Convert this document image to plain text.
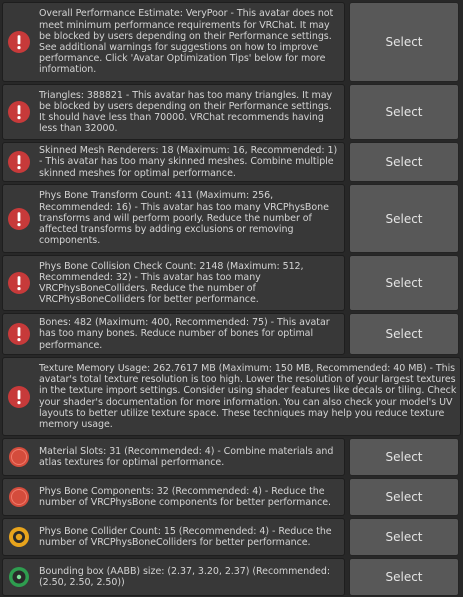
Overall Performance Estimate: VeryPoor - This avatar does not meet minimum performance requirements for VRChat. It may be blocked by users depending on their Performance settings. See additional warnings for suggestions on how to improve performance. Click 'Avatar Optimization Tips' below for more information.
Select
Triangles: 388821 - This avatar has too many triangles. It may be blocked by users depending on their Performance settings. It should have less than 70000. VRChat recommends having less than 32000.
Select
Skinned Mesh Renderers: 18 (Maximum: 16, Recommended: 1) - This avatar has too many skinned meshes. Combine multiple skinned meshes for optimal performance.
Select
Phys Bone Transform Count: 411 (Maximum: 256, Recommended: 16) - This avatar has too many VRCPhysBone transforms and will perform poorly. Reduce the number of affected transforms by adding exclusions or removing components.
Select
Phys Bone Collision Check Count: 2148 (Maximum: 512, Recommended: 32) - This avatar has too many VRCPhysBoneColliders. Reduce the number of VRCPhysBoneColliders for better performance.
Select
Bones: 482 (Maximum: 400, Recommended: 75) - This avatar has too many bones. Reduce number of bones for optimal performance.
Select
Texture Memory Usage: 262.7617 MB (Maximum: 150 MB, Recommended: 40 MB) - This avatar's total texture resolution is too high. Lower the resolution of your largest textures in the texture import settings. Consider using shader features like decals or tiling. Check your shader's documentation for more information. You can also check your model's UV layouts to better utilize texture space. These techniques may help you reduce texture memory usage.
Material Slots: 31 (Recommended: 4) - Combine materials and atlas textures for optimal performance.	Select
Phys Bone Components: 32 (Recommended: 4) - Reduce the number of VRCPhysBone components for better performance.	Select
Phys Bone Collider Count: 15 (Recommended: 4) - Reduce the number of VRCPhysBoneColliders for better performance.	Select
Bounding box (AABB) size: (2.37, 3.20, 2.37) (Recommended: (2.50, 2.50, 2.50))	Select
